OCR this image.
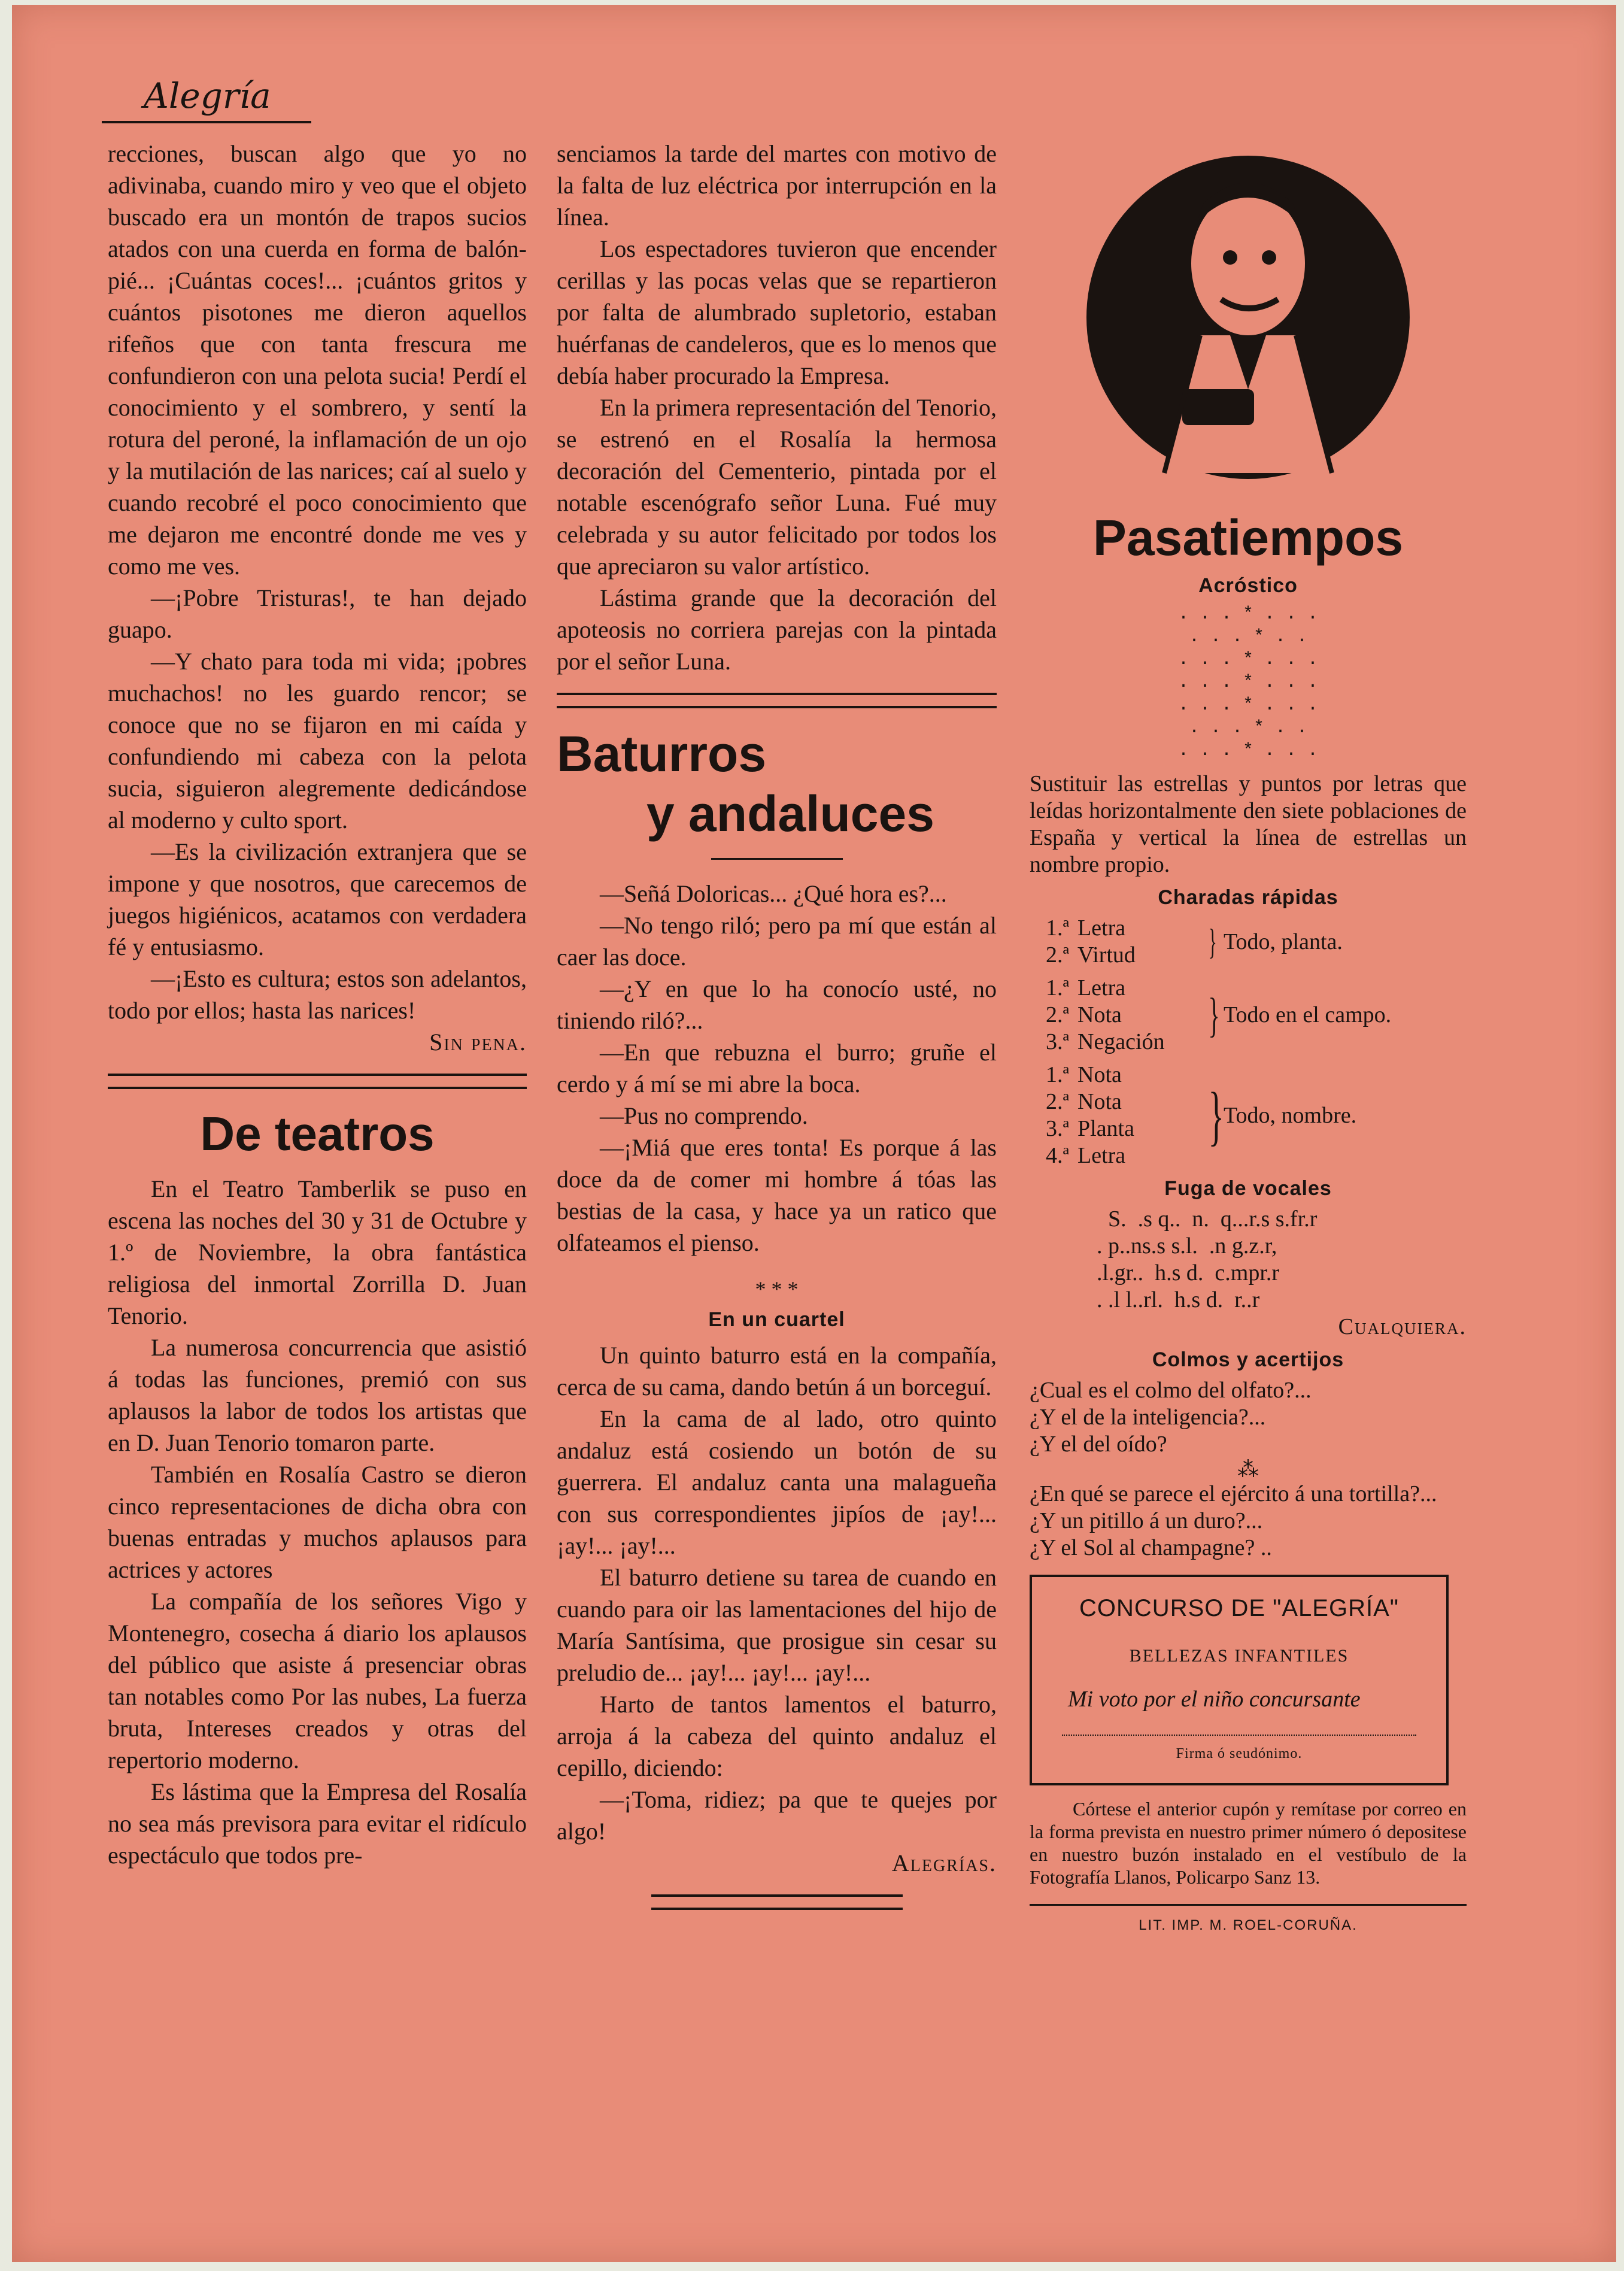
Alegría

recciones, buscan algo que yo no adivinaba, cuando miro y veo que el objeto buscado era un montón de trapos sucios atados con una cuerda en forma de balón-pié... ¡Cuántas coces!... ¡cuántos gritos y cuántos pisotones me dieron aquellos rifeños que con tanta frescura me confundieron con una pelota sucia! Perdí el conocimiento y el sombrero, y sentí la rotura del peroné, la inflamación de un ojo y la mutilación de las narices; caí al suelo y cuando recobré el poco conocimiento que me dejaron me encontré donde me ves y como me ves.

—¡Pobre Tristuras!, te han dejado guapo.

—Y chato para toda mi vida; ¡pobres muchachos! no les guardo rencor; se conoce que no se fijaron en mi caída y confundiendo mi cabeza con la pelota sucia, siguieron alegremente dedicándose al moderno y culto sport.

—Es la civilización extranjera que se impone y que nosotros, que carecemos de juegos higiénicos, acatamos con verdadera fé y entusiasmo.

—¡Esto es cultura; estos son adelantos, todo por ellos; hasta las narices!

Sin pena.

De teatros

En el Teatro Tamberlik se puso en escena las noches del 30 y 31 de Octubre y 1.º de Noviembre, la obra fantástica religiosa del inmortal Zorrilla D. Juan Tenorio.

La numerosa concurrencia que asistió á todas las funciones, premió con sus aplausos la labor de todos los artistas que en D. Juan Tenorio tomaron parte.

También en Rosalía Castro se dieron cinco representaciones de dicha obra con buenas entradas y muchos aplausos para actrices y actores

La compañía de los señores Vigo y Montenegro, cosecha á diario los aplausos del público que asiste á presenciar obras tan notables como Por las nubes, La fuerza bruta, Intereses creados y otras del repertorio moderno.

Es lástima que la Empresa del Rosalía no sea más previsora para evitar el ridículo espectáculo que todos pre-

senciamos la tarde del martes con motivo de la falta de luz eléctrica por interrupción en la línea.

Los espectadores tuvieron que encender cerillas y las pocas velas que se repartieron por falta de alumbrado supletorio, estaban huérfanas de candeleros, que es lo menos que debía haber procurado la Empresa.

En la primera representación del Tenorio, se estrenó en el Rosalía la hermosa decoración del Cementerio, pintada por el notable escenógrafo señor Luna. Fué muy celebrada y su autor felicitado por todos los que apreciaron su valor artístico.

Lástima grande que la decoración del apoteosis no corriera parejas con la pintada por el señor Luna.

Baturros
y andaluces

—Señá Doloricas... ¿Qué hora es?...

—No tengo riló; pero pa mí que están al caer las doce.

—¿Y en que lo ha conocío usté, no tiniendo riló?...

—En que rebuzna el burro; gruñe el cerdo y á mí se mi abre la boca.

—Pus no comprendo.

—¡Miá que eres tonta! Es porque á las doce da de comer mi hombre á tóas las bestias de la casa, y hace ya un ratico que olfateamos el pienso.

* * *
En un cuartel

Un quinto baturro está en la compañía, cerca de su cama, dando betún á un borceguí.

En la cama de al lado, otro quinto andaluz está cosiendo un botón de su guerrera. El andaluz canta una malagueña con sus correspondientes jipíos de ¡ay!... ¡ay!... ¡ay!...

El baturro detiene su tarea de cuando en cuando para oir las lamentaciones del hijo de María Santísima, que prosigue sin cesar su preludio de... ¡ay!... ¡ay!... ¡ay!...

Harto de tantos lamentos el baturro, arroja á la cabeza del quinto andaluz el cepillo, diciendo:

—¡Toma, ridiez; pa que te quejes por algo!

Alegrías.

Pasatiempos
Acróstico
. . . * . . .
. . . * . .
. . . * . . .
. . . * . . .
. . . * . . .
. . . * . .
. . . * . . .

Sustituir las estrellas y puntos por letras que leídas horizontalmente den siete poblaciones de España y vertical la línea de estrellas un nombre propio.

Charadas rápidas
1.ª Letra	} Todo, planta.
2.ª Virtud
1.ª Letra
} Todo en el campo.
2.ª Nota
3.ª Negación
1.ª Nota
} Todo, nombre.
2.ª Nota
3.ª Planta
4.ª Letra
Fuga de vocales

S.  .s q..  n.  q...r.s s.fr.r

. p..ns.s s.l.  .n g.z.r,

.l.gr..  h.s d.  c.mpr.r

. .l l..rl.  h.s d.  r..r

Cualquiera.

Colmos y acertijos

¿Cual es el colmo del olfato?...

¿Y el de la inteligencia?...

¿Y el del oído?

⁂

¿En qué se parece el ejército á una tortilla?...

¿Y un pitillo á un duro?...

¿Y el Sol al champagne? ..

CONCURSO DE "ALEGRÍA"
BELLEZAS INFANTILES
Mi voto por el niño concursante
Firma ó seudónimo.

Córtese el anterior cupón y remítase por correo en la forma prevista en nuestro primer número ó depositese en nuestro buzón instalado en el vestíbulo de la Fotografía Llanos, Policarpo Sanz 13.

LIT. IMP. M. ROEL-CORUÑA.
